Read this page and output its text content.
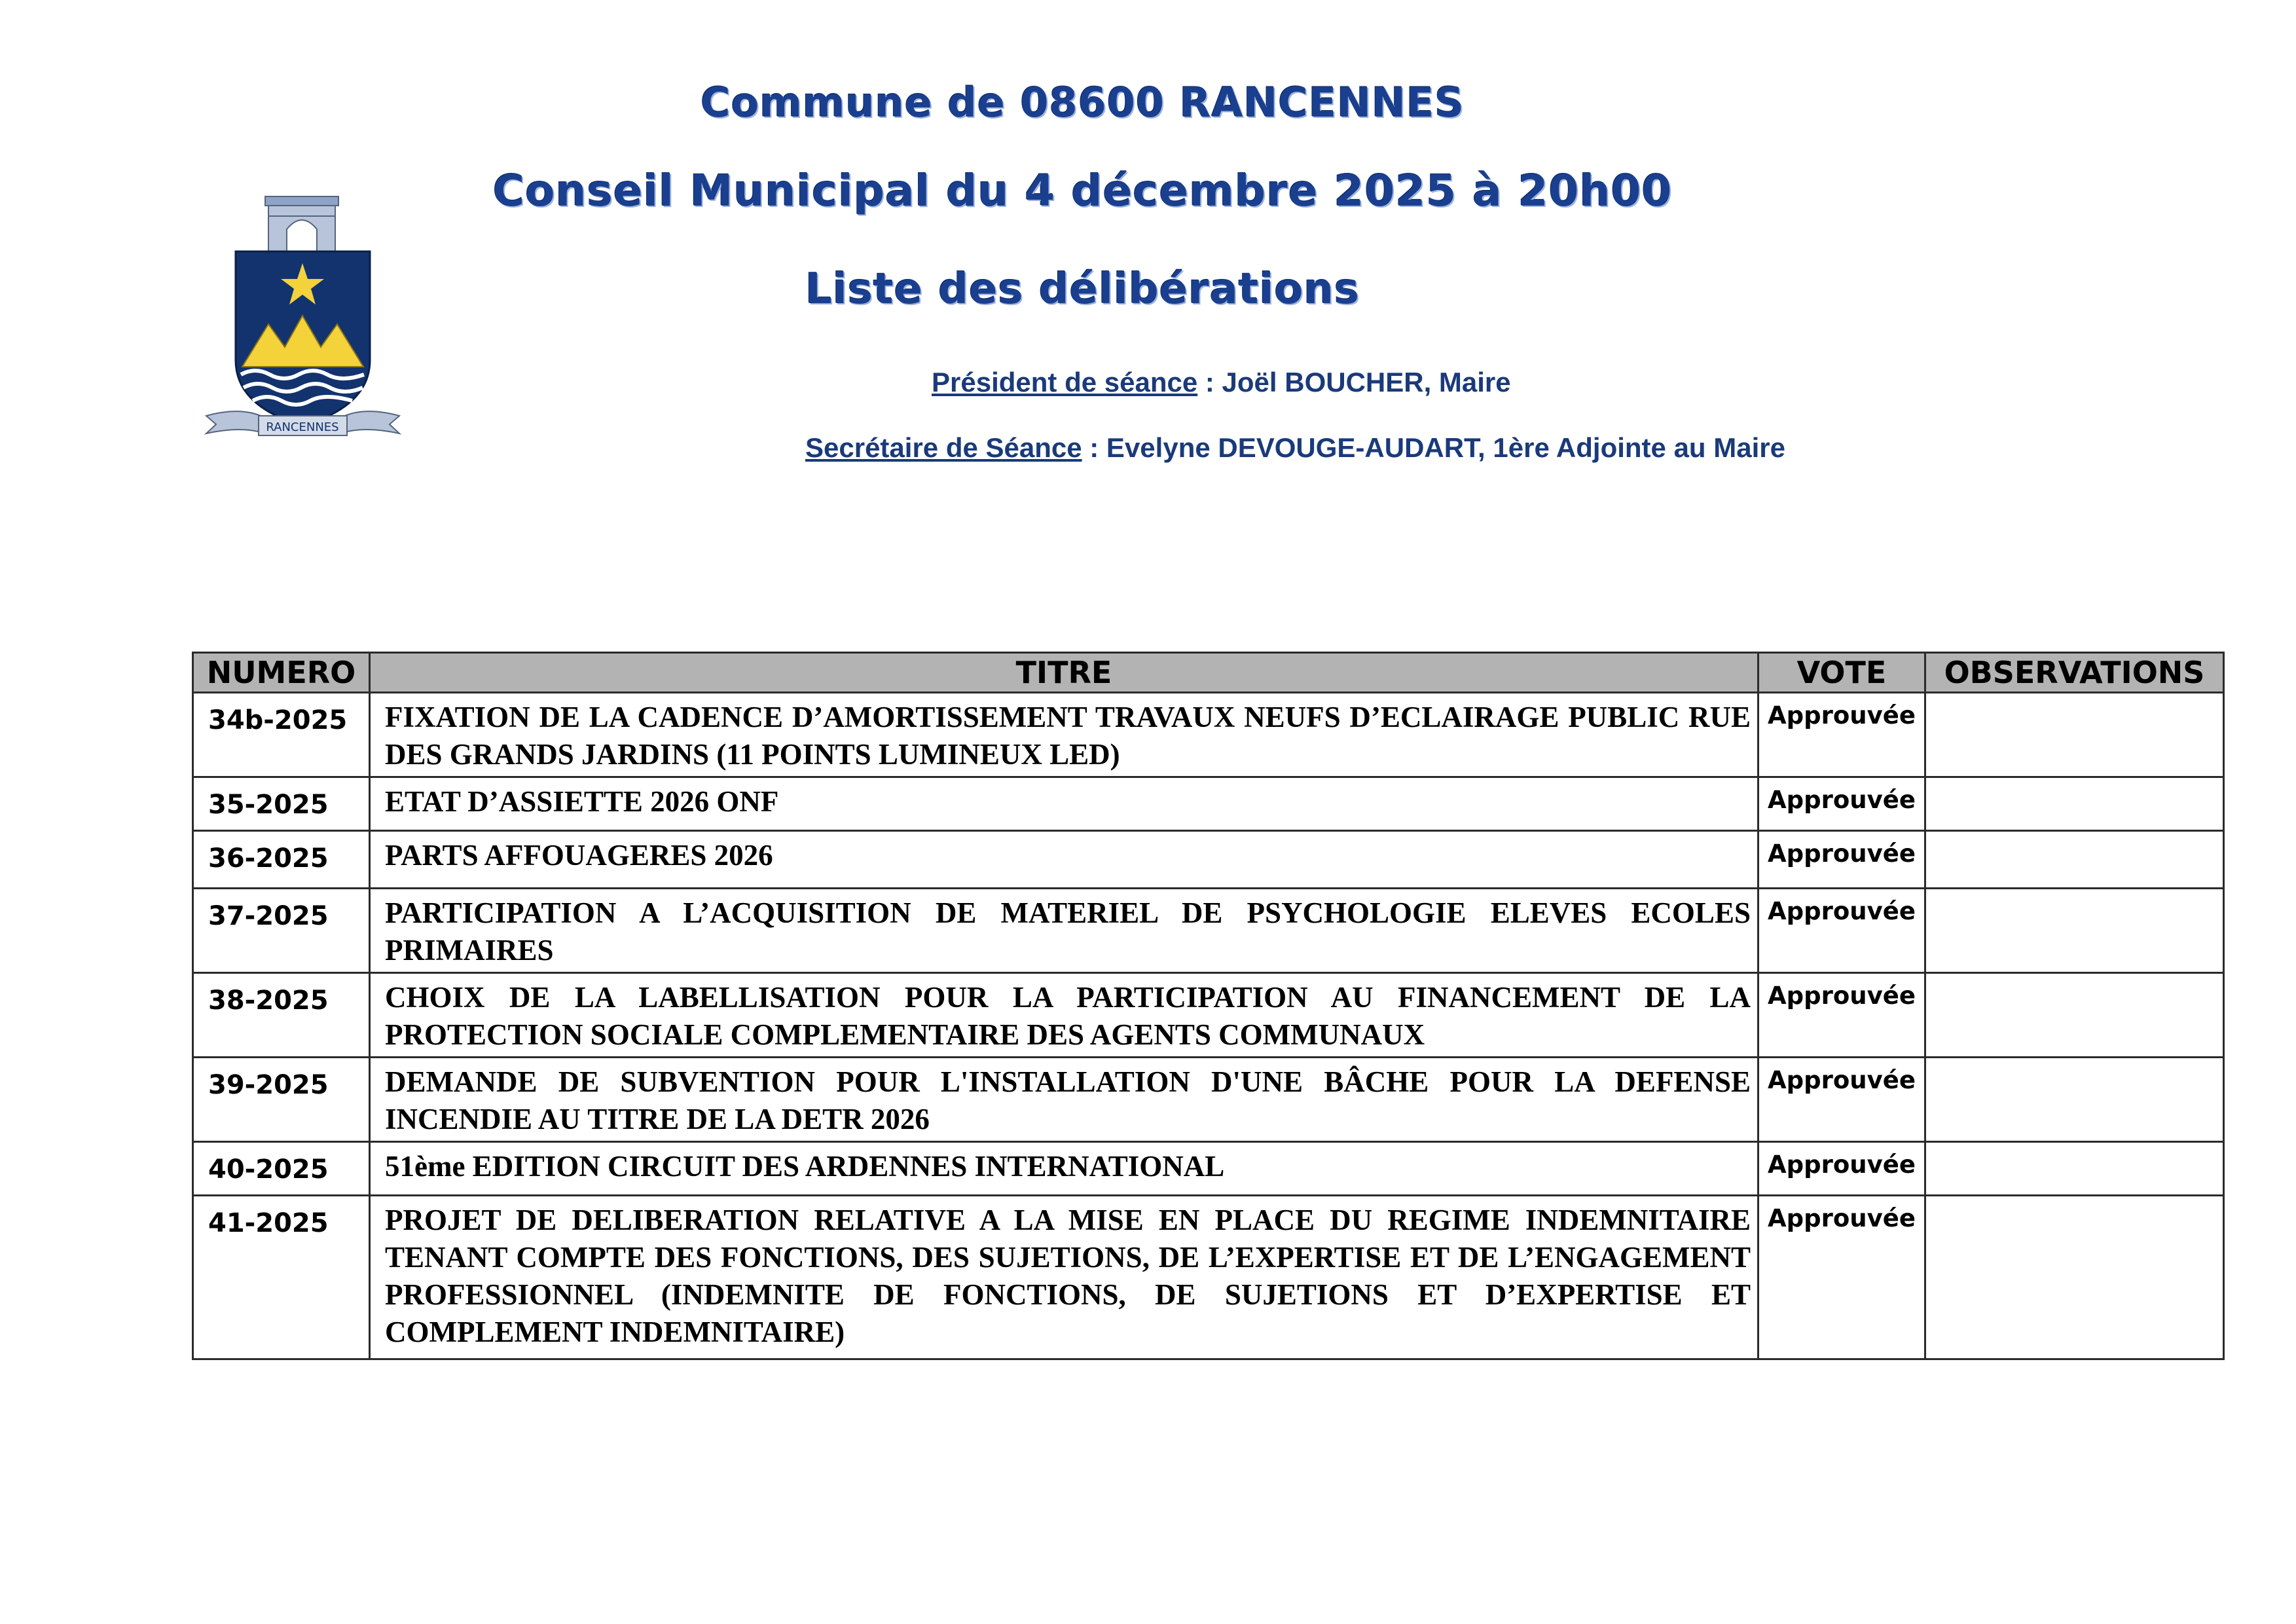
Commune de 08600 RANCENNES
Conseil Municipal du 4 décembre 2025 à 20h00
Liste des délibérations
RANCENNES
Président de séance : Joël BOUCHER, Maire
Secrétaire de Séance : Evelyne DEVOUGE-AUDART, 1ère Adjointe au Maire
NUMERO	TITRE	VOTE	OBSERVATIONS
34b-2025	FIXATION DE LA CADENCE D’AMORTISSEMENT TRAVAUX NEUFS D’ECLAIRAGE PUBLIC RUE DES GRANDS JARDINS (11 POINTS LUMINEUX LED)	Approuvée	
35-2025	ETAT D’ASSIETTE 2026 ONF	Approuvée	
36-2025	PARTS AFFOUAGERES 2026	Approuvée	
37-2025	PARTICIPATION A L’ACQUISITION DE MATERIEL DE PSYCHOLOGIE ELEVES ECOLES PRIMAIRES	Approuvée	
38-2025	CHOIX DE LA LABELLISATION POUR LA PARTICIPATION AU FINANCEMENT DE LA PROTECTION SOCIALE COMPLEMENTAIRE DES AGENTS COMMUNAUX	Approuvée	
39-2025	DEMANDE DE SUBVENTION POUR L'INSTALLATION D'UNE BÂCHE POUR LA DEFENSE INCENDIE AU TITRE DE LA DETR 2026	Approuvée	
40-2025	51ème EDITION CIRCUIT DES ARDENNES INTERNATIONAL	Approuvée	
41-2025	PROJET DE DELIBERATION RELATIVE A LA MISE EN PLACE DU REGIME INDEMNITAIRE TENANT COMPTE DES FONCTIONS, DES SUJETIONS, DE L’EXPERTISE ET DE L’ENGAGEMENT PROFESSIONNEL (INDEMNITE DE FONCTIONS, DE SUJETIONS ET D’EXPERTISE ET COMPLEMENT INDEMNITAIRE)	Approuvée	
